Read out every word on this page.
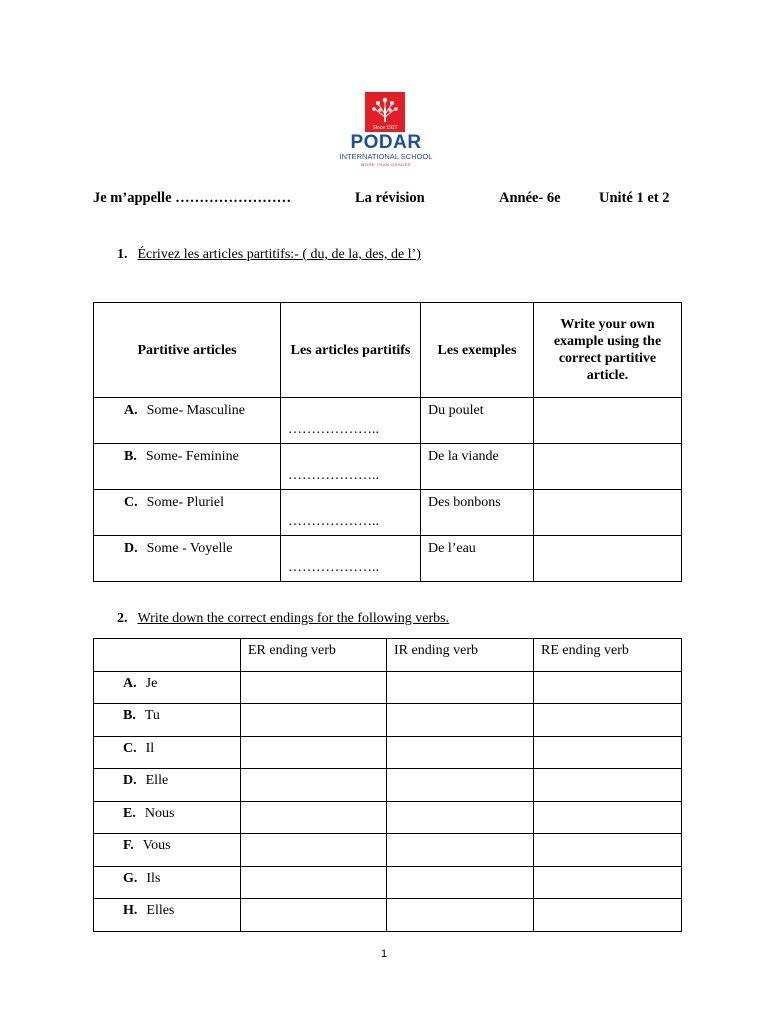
Since 1927
PODAR
INTERNATIONAL SCHOOL
MORE THAN GRADES
Je m’appelle ……………………	La révision	Année- 6e	Unité 1 et 2
1. Écrivez les articles partitifs:- ( du, de la, des, de l’)
Partitive articles	Les articles partitifs	Les exemples	Write your own example using the correct partitive article.
A. Some- Masculine	………………..	Du poulet	
B. Some- Feminine	………………..	De la viande	
C. Some- Pluriel	………………..	Des bonbons	
D. Some - Voyelle	………………..	De l’eau	
2. Write down the correct endings for the following verbs.
	ER ending verb	IR ending verb	RE ending verb
A. Je			
B. Tu			
C. Il			
D. Elle			
E. Nous			
F. Vous			
G. Ils			
H. Elles			
1
